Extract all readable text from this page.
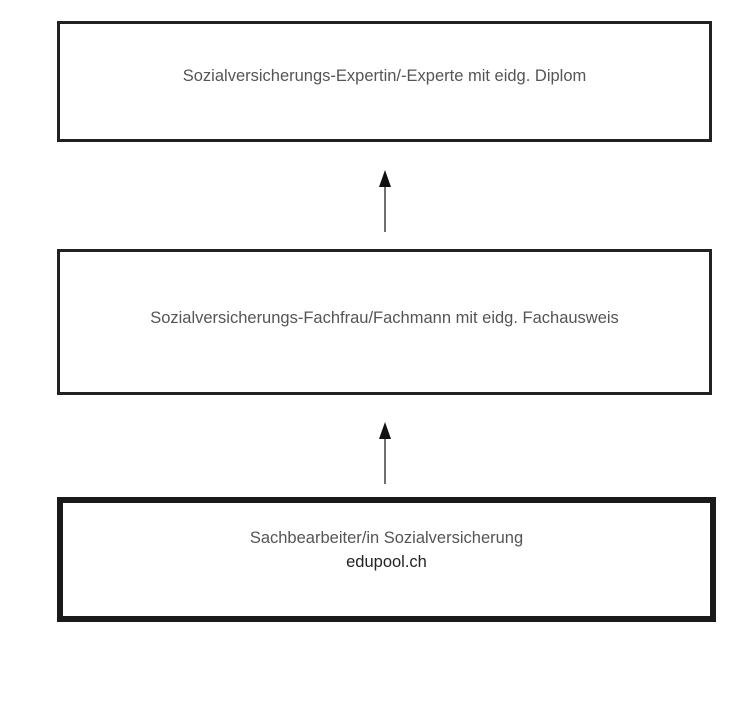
Sozialversicherungs-Expertin/-Experte mit eidg. Diplom
Sozialversicherungs-Fachfrau/Fachmann mit eidg. Fachausweis
Sachbearbeiter/in Sozialversicherung
edupool.ch
